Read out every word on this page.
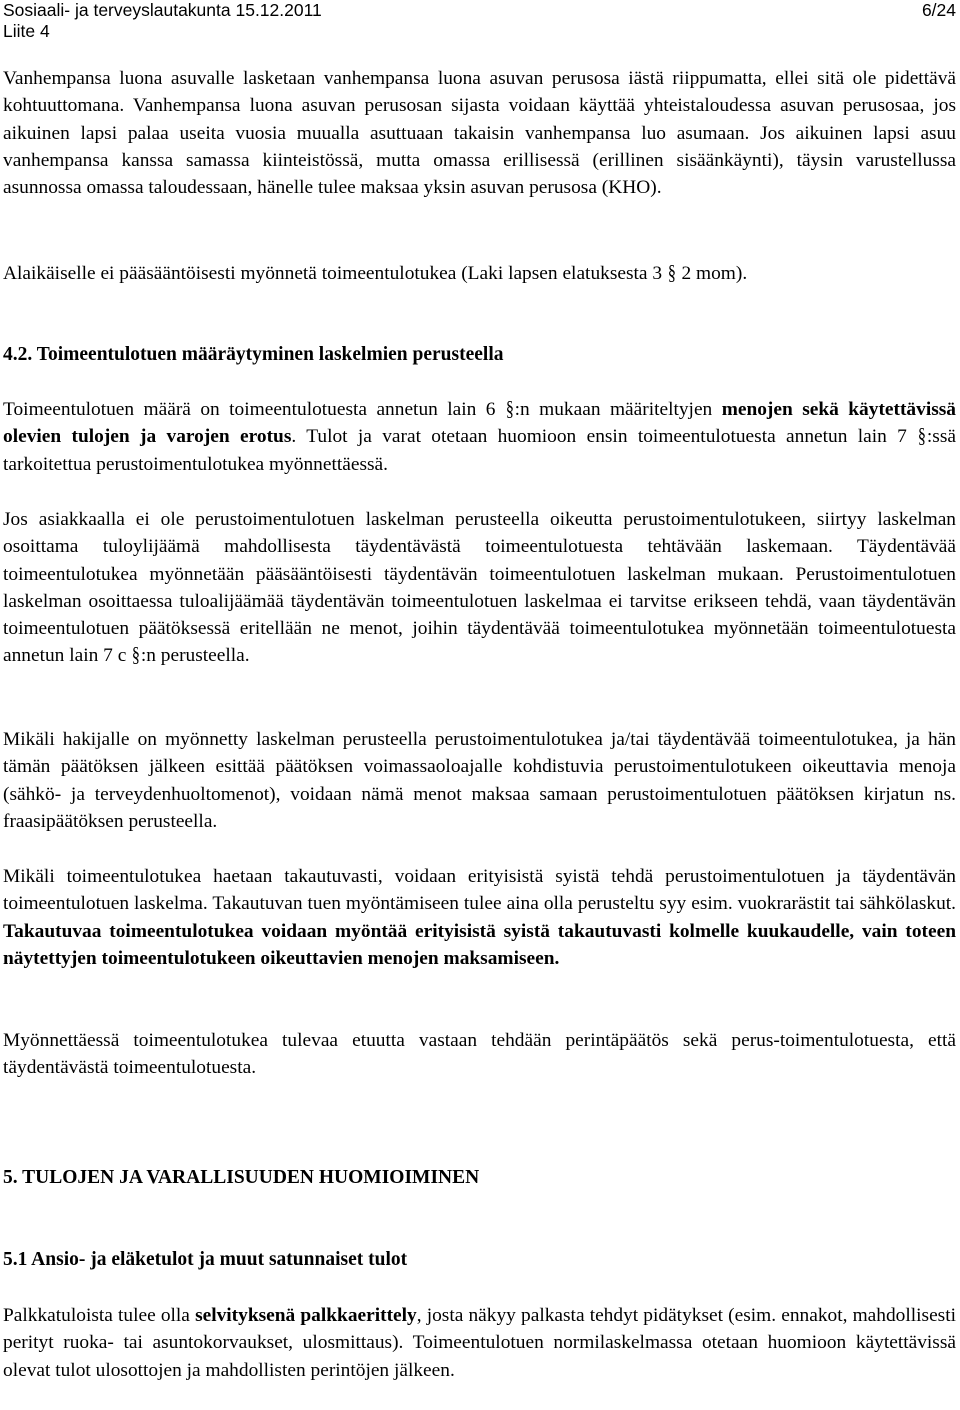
Sosiaali- ja terveyslautakunta 15.12.2011
Liite 4
6/24

Vanhempansa luona asuvalle lasketaan vanhempansa luona asuvan perusosa iästä riippumatta, ellei sitä ole pidettävä kohtuuttomana. Vanhempansa luona asuvan perusosan sijasta voidaan käyttää yhteistaloudessa asuvan perusosaa, jos aikuinen lapsi palaa useita vuosia muualla asuttuaan takaisin vanhempansa luo asumaan. Jos aikuinen lapsi asuu vanhempansa kanssa samassa kiinteistössä, mutta omassa erillisessä (erillinen sisäänkäynti), täysin varustellussa asunnossa omassa taloudessaan, hänelle tulee maksaa yksin asuvan perusosa (KHO).

Alaikäiselle ei pääsääntöisesti myönnetä toimeentulotukea (Laki lapsen elatuksesta 3 § 2 mom).

4.2. Toimeentulotuen määräytyminen laskelmien perusteella

Toimeentulotuen määrä on toimeentulotuesta annetun lain 6 §:n mukaan määriteltyjen menojen sekä käytettävissä olevien tulojen ja varojen erotus. Tulot ja varat otetaan huomioon ensin toimeentulotuesta annetun lain 7 §:ssä tarkoitettua perustoimentulotukea myönnettäessä.

Jos asiakkaalla ei ole perustoimentulotuen laskelman perusteella oikeutta perustoimentulotukeen, siirtyy laskelman osoittama tuloylijäämä mahdollisesta täydentävästä toimeentulotuesta tehtävään laskemaan. Täydentävää toimeentulotukea myönnetään pääsääntöisesti täydentävän toimeentulotuen laskelman mukaan. Perustoimentulotuen laskelman osoittaessa tuloalijäämää täydentävän toimeentulotuen laskelmaa ei tarvitse erikseen tehdä, vaan täydentävän toimeentulotuen päätöksessä eritellään ne menot, joihin täydentävää toimeentulotukea myönnetään toimeentulotuesta annetun lain 7 c §:n perusteella.

Mikäli hakijalle on myönnetty laskelman perusteella perustoimentulotukea ja/tai täydentävää toimeentulotukea, ja hän tämän päätöksen jälkeen esittää päätöksen voimassaoloajalle kohdistuvia perustoimentulotukeen oikeuttavia menoja (sähkö- ja terveydenhuoltomenot), voidaan nämä menot maksaa samaan perustoimentulotuen päätöksen kirjatun ns. fraasipäätöksen perusteella.

Mikäli toimeentulotukea haetaan takautuvasti, voidaan erityisistä syistä tehdä perustoimentulotuen ja täydentävän toimeentulotuen laskelma. Takautuvan tuen myöntämiseen tulee aina olla perusteltu syy esim. vuokrarästit tai sähkölaskut. Takautuvaa toimeentulotukea voidaan myöntää erityisistä syistä takautuvasti kolmelle kuukaudelle, vain toteen näytettyjen toimeentulotukeen oikeuttavien menojen maksamiseen.

Myönnettäessä toimeentulotukea tulevaa etuutta vastaan tehdään perintäpäätös sekä perus-toimentulotuesta, että täydentävästä toimeentulotuesta.

5. TULOJEN JA VARALLISUUDEN HUOMIOIMINEN
5.1 Ansio- ja eläketulot ja muut satunnaiset tulot

Palkkatuloista tulee olla selvityksenä palkkaerittely, josta näkyy palkasta tehdyt pidätykset (esim. ennakot, mahdollisesti perityt ruoka- tai asuntokorvaukset, ulosmittaus). Toimeentulotuen normilaskelmassa otetaan huomioon käytettävissä olevat tulot ulosottojen ja mahdollisten perintöjen jälkeen.
